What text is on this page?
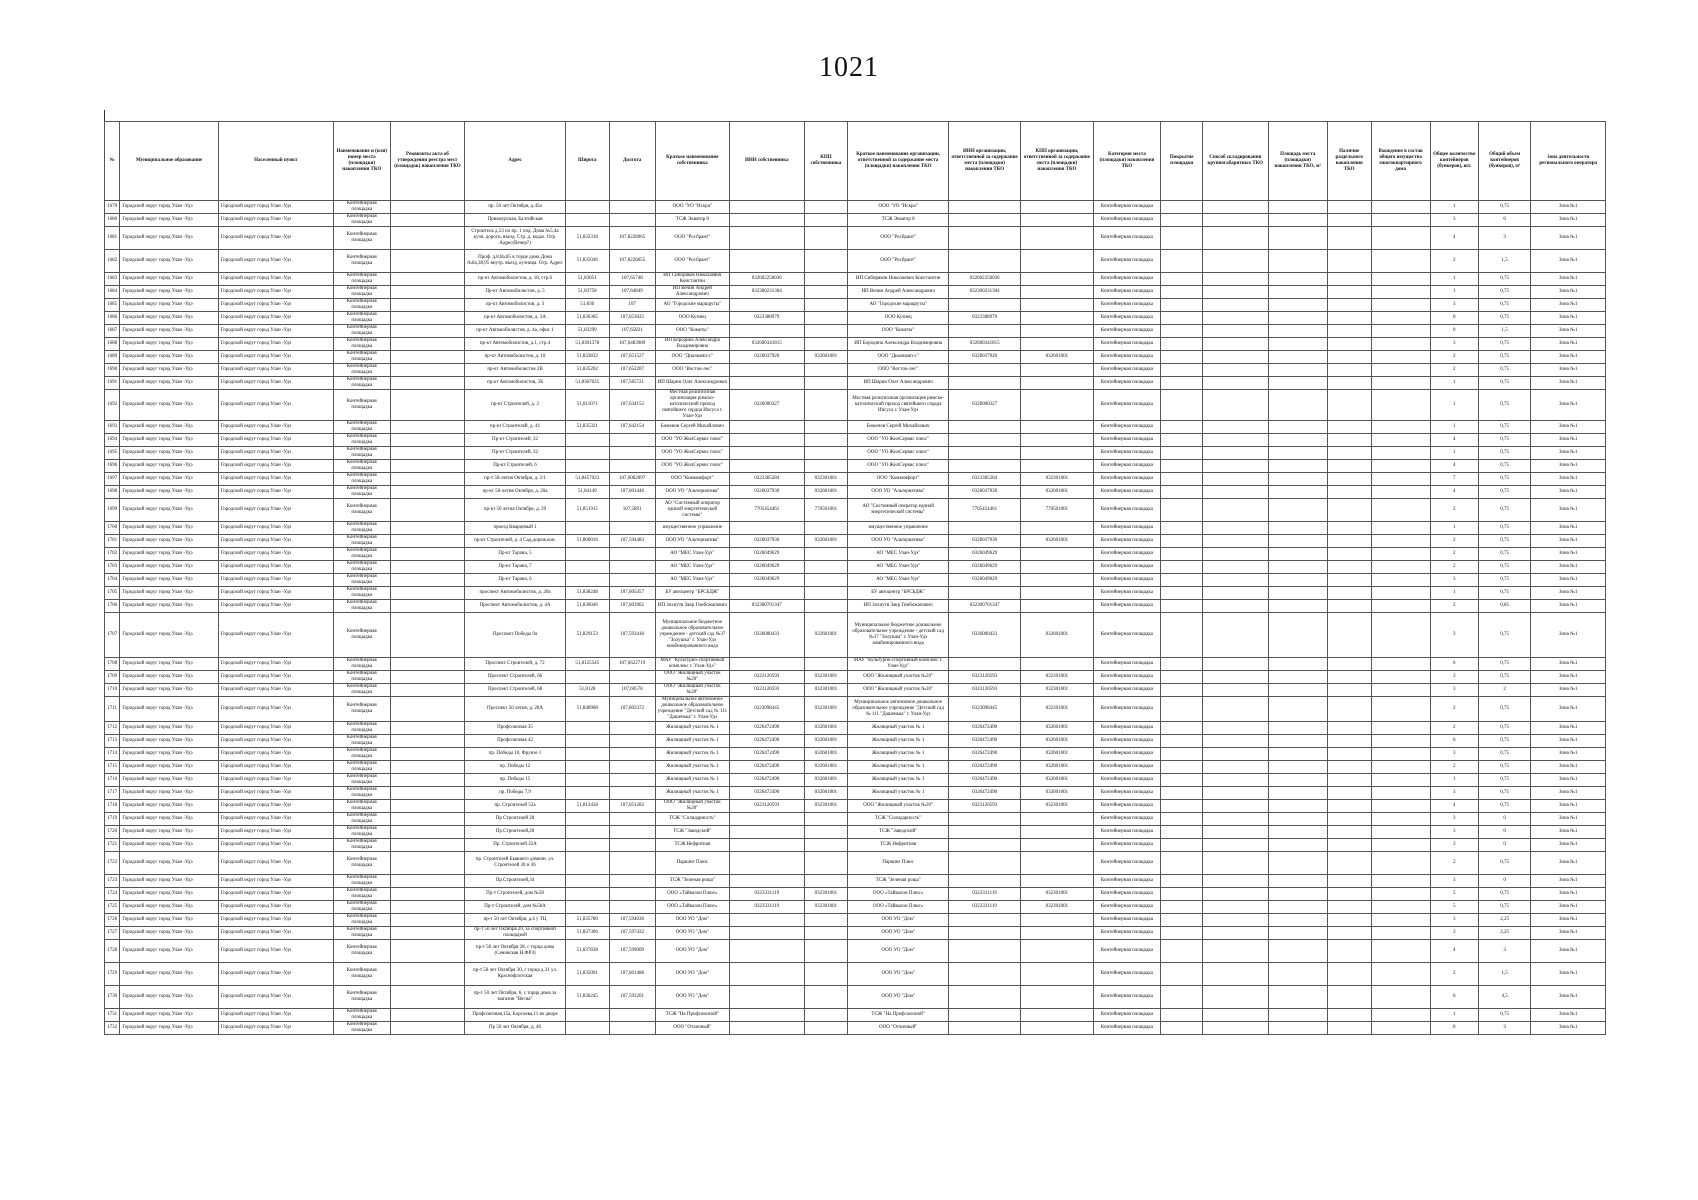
1021
№	Муниципальное образование	Населенный пункт	Наименование и (или) номер места (площадки) накопления ТКО	Реквизиты акта об утверждении реестра мест (площадок) накопления ТКО	Адрес	Широта	Долгота	Краткое наименование собственника	ИНН собственника	КПП собственника	Краткое наименование организации, ответственной за содержание места (площадки) накопления ТКО	ИНН организации, ответственной за содержание места (площадки) накопления ТКО	КПП организации, ответственной за содержание места (площадки) накопления ТКО	Категория места (площадки) накопления ТКО	Покрытие площадки	Способ складирования крупногабаритных ТКО	Площадь места (площадки) накопления ТКО, м²	Наличие раздельного накопления ТКО	Вхождение в состав общего имущества многоквартирного дома	Общее количество контейнеров (бункеров), шт.	Общий объем контейнеров (бункеров), м³	Зона деятельности регионального оператора
1679	Городской округ город Улан -Удэ	Городской округ город Улан -Удэ	Контейнерная площадка		пр. 50 лет Октября, д.45а			ООО "УО "Искра"			ООО "УО "Искра"			Контейнерная площадка						1	0,75	Зона №1
1680	Городской округ город Улан -Удэ	Городской округ город Улан -Удэ	Контейнерная площадка		Приамурская, Балтийская			ТСЖ Экватор 8			ТСЖ Экватор 8			Контейнерная площадка						3	0	Зона №1
1681	Городской округ город Улан -Удэ	Городской округ город Улан -Удэ	Контейнерная площадка		Строитель д.53 по пр. 1 под. Дома №5,4а кузн. дороги, въезд. Стр. д. кодах. Огр. Адрес(Вечер?)	51,832318	107,8228065	ООО "Росбрант"			ООО "Росбрант"			Контейнерная площадка						4	3	Зона №1
1682	Городской округ город Улан -Удэ	Городской округ город Улан -Удэ	Контейнерная площадка		Проф. д.8,8а,85 в торце дома Дома №8а,38,95 внутр. въезд, кузница. Огр. Адрес	51,835046	107,8226655	ООО "Росбрант"			ООО "Росбрант"			Контейнерная площадка						2	1,5	Зона №1
1683	Городской округ город Улан -Удэ	Городской округ город Улан -Удэ	Контейнерная площадка		пр-кт Автомобилистов, д. 18, стр.6	51,83051	107,65748	ИП Сибиряков Николаевич Константин	032602250036		ИП Сибиряков Николаевич Константин	032602250036		Контейнерная площадка						1	0,75	Зона №1
1684	Городской округ город Улан -Удэ	Городской округ город Улан -Удэ	Контейнерная площадка		Пр-кт Автомобилистов, д. 5	51,83758	107,64849	ИП Вечин Андрей Александрович	032300231304		ИП Вечин Андрей Александрович	032300231304		Контейнерная площадка						1	0,75	Зона №1
1685	Городской округ город Улан -Удэ	Городской округ город Улан -Удэ	Контейнерная площадка		пр-кт Автомобилистов, д. 3	51,836	107	АО "Городские маршруты"			АО "Городские маршруты"			Контейнерная площадка						3	0,75	Зона №1
1686	Городской округ город Улан -Удэ	Городской округ город Улан -Удэ	Контейнерная площадка		пр-кт Автомобилистов, д. 3А	51,836365	107,653025	ООО Кузнец	0323388979		ООО Кузнец	0323388979		Контейнерная площадка						0	0,75	Зона №1
1687	Городской округ город Улан -Удэ	Городской округ город Улан -Удэ	Контейнерная площадка		пр-кт Автомобилистов, д. 4а, офис 1	51,83299	107,65821	ООО "Кометы"			ООО "Кометы"			Контейнерная площадка						0	1,5	Зона №1
1688	Городской округ город Улан -Удэ	Городской округ город Улан -Удэ	Контейнерная площадка		пр-кт Автомобилистов, д.1, стр.4	51,8301378	107,6483989	ИП Бородина Александра Владимировна	032600341815		ИП Бородина Александра Владимировна	032600341815		Контейнерная площадка						3	0,75	Зона №1
1689	Городской округ город Улан -Удэ	Городской округ город Улан -Удэ	Контейнерная площадка		пр-кт Автомобилистов, д. 10	51,833832	107,651527	ООО "Диалкомп-с"	0326037920	032601001	ООО "Диалкомп-с"	0326037920	032601001	Контейнерная площадка						2	0,75	Зона №1
1690	Городской округ город Улан -Удэ	Городской округ город Улан -Удэ	Контейнерная площадка		пр-кт Автомобилистов 2В	51,835202	107,652207	ООО "Восток-лес"			ООО "Восток-лес"			Контейнерная площадка						2	0,75	Зона №1
1691	Городской округ город Улан -Удэ	Городской округ город Улан -Удэ	Контейнерная площадка		пр-кт Автомобилистов, 3Б	51,8307025	107,585721	ИП Шарин Олег Александрович			ИП Шарин Олег Александрович			Контейнерная площадка						1	0,75	Зона №1
1692	Городской округ город Улан -Удэ	Городской округ город Улан -Удэ	Контейнерная площадка		пр-кт Строителей, д. 3	51,811071	107,634152	Местная религиозная организация римско-католический приход святейшего сердца Иисуса г. Улан-Удэ	0326000327		Местная религиозная организация римско-католический приход святейшего сердца Иисуса г. Улан-Удэ	0326000327		Контейнерная площадка						1	0,75	Зона №1
1693	Городской округ город Улан -Удэ	Городской округ город Улан -Удэ	Контейнерная площадка		пр-кт Строителей, д. 41	51,835321	107,642154	Боженов Сергей Михайлович			Боженов Сергей Михайлович			Контейнерная площадка						1	0,75	Зона №1
1694	Городской округ город Улан -Удэ	Городской округ город Улан -Удэ	Контейнерная площадка		Пр-кт Строителей, 32			ООО "УО ЖилСервис плюс"			ООО "УО ЖилСервис плюс"			Контейнерная площадка						4	0,75	Зона №1
1695	Городской округ город Улан -Удэ	Городской округ город Улан -Удэ	Контейнерная площадка		Пр-кт Строителей, 32			ООО "УО ЖилСервис плюс"			ООО "УО ЖилСервис плюс"			Контейнерная площадка						1	0,75	Зона №1
1696	Городской округ город Улан -Удэ	Городской округ город Улан -Удэ	Контейнерная площадка		Пр-кт Строителей, 6			ООО "УО ЖилСервис плюс"			ООО "УО ЖилСервис плюс"			Контейнерная площадка						4	0,75	Зона №1
1697	Городской округ город Улан -Удэ	Городской округ город Улан -Удэ	Контейнерная площадка		пр-т 50-летия Октября, д. 2/1	51,8457023	107,6062097	ООО "Комкомфорт"	0323385284	032301001	ООО "Комкомфорт"	0323385284	032301001	Контейнерная площадка						7	0,75	Зона №1
1698	Городской округ город Улан -Удэ	Городской округ город Улан -Удэ	Контейнерная площадка		пр-кт 50-летия Октября, д. 20а	51,84149	107,601446	ООО УО "Альтернатива"	0326037930	032601001	ООО УО "Альтернатива"	0326037930	032601001	Контейнерная площадка						4	0,75	Зона №1
1699	Городской округ город Улан -Удэ	Городской округ город Улан -Удэ	Контейнерная площадка		пр-кт 50 летия Октября, д. 29	51,851915	107,5891	АО "Системный оператор единой энергетической системы"	7705454461	770501001	АО "Системный оператор единой энергетической системы"	7705454461	770501001	Контейнерная площадка						2	0,75	Зона №1
1700	Городской округ город Улан -Удэ	Городской округ город Улан -Удэ	Контейнерная площадка		проезд Кварцевый 1			имущественное управление			имущественное управление			Контейнерная площадка						1	0,75	Зона №1
1701	Городской округ город Улан -Удэ	Городской округ город Улан -Удэ	Контейнерная площадка		пр-кт Строителей, д. 4 Сад.дорож.кон.	51,800016	107,594483	ООО УО "Альтернатива"	0326037930	032601001	ООО УО "Альтернатива"	0326037930	032601001	Контейнерная площадка						2	0,75	Зона №1
1702	Городской округ город Улан -Удэ	Городской округ город Улан -Удэ	Контейнерная площадка		Пр-кт Тарана, 5			АО "МЕС Улан-Удэ"	0326049629		АО "МЕС Улан-Удэ"	0326049629		Контейнерная площадка						2	0,75	Зона №1
1703	Городской округ город Улан -Удэ	Городской округ город Улан -Удэ	Контейнерная площадка		Пр-кт Тарана, 7			АО "МЕС Улан-Удэ"	0326049629		АО "МЕС Улан-Удэ"	0326049629		Контейнерная площадка						2	0,75	Зона №1
1704	Городской округ город Улан -Удэ	Городской округ город Улан -Удэ	Контейнерная площадка		Пр-кт Тарана, 6			АО "МЕС Улан-Удэ"	0326049629		АО "МЕС Улан-Удэ"	0326049629		Контейнерная площадка						3	0,75	Зона №1
1705	Городской округ город Улан -Удэ	Городской округ город Улан -Удэ	Контейнерная площадка		проспект Автомобилистов, д. 20а	51,838248	107,605457	БУ автоцентр "БРСБДЖ"			БУ автоцентр "БРСБДЖ"			Контейнерная площадка						1	0,75	Зона №1
1706	Городской округ город Улан -Удэ	Городской округ город Улан -Удэ	Контейнерная площадка		Проспект Автомобилистов, д. 4А	51,836046	107,603962	ИП Зохиутв Закр Гомбожапович	032300701347		ИП Зохиутв Закр Гомбожапович	032300701347		Контейнерная площадка						2	0,85	Зона №1
1707	Городской округ город Улан -Удэ	Городской округ город Улан -Удэ	Контейнерная площадка		Проспект Победы 9а	51,829153	107,593418	Муниципальное бюджетное дошкольное образовательное учреждение - детский сад №37 "Золушка" г. Улан-Удэ комбинированного вида	0326000433	032601001	Муниципальное бюджетное дошкольное образовательное учреждение - детский сад №37 "Золушка" г. Улан-Удэ комбинированного вида	0326000433	032601001	Контейнерная площадка						3	0,75	Зона №1
1708	Городской округ город Улан -Удэ	Городской округ город Улан -Удэ	Контейнерная площадка		Проспект Строителей, д. 72	51,8125545	107,6622719	МАУ "Культурно-спортивный комплекс г. Улан-Удэ"			МАУ "Культурно-спортивный комплекс г. Улан-Удэ"			Контейнерная площадка						6	0,75	Зона №1
1709	Городской округ город Улан -Удэ	Городской округ город Улан -Удэ	Контейнерная площадка		Проспект Строителей, 66			ООО "Жилищный участок №20"	0323120593	032301001	ООО "Жилищный участок №20"	0323120593	032301001	Контейнерная площадка						3	0,75	Зона №1
1710	Городской округ город Улан -Удэ	Городской округ город Улан -Удэ	Контейнерная площадка		Проспект Строителей, 68	51,8128	107,60578	ООО "Жилищный участок №20"	0323120593	032301001	ООО "Жилищный участок №20"	0323120593	032301001	Контейнерная площадка						3	2	Зона №1
1711	Городской округ город Улан -Удэ	Городской округ город Улан -Удэ	Контейнерная площадка		Проспект 50 летия, д. 28А	51,840968	107,603372	Муниципальное автономное дошкольное образовательное учреждение "Детский сад № 111 "Дашенька" г. Улан-Удэ	0323098445	032301001	Муниципальное автономное дошкольное образовательное учреждение "Детский сад № 111 "Дашенька" г. Улан-Удэ	0323098445	032301001	Контейнерная площадка						2	0,75	Зона №1
1712	Городской округ город Улан -Удэ	Городской округ город Улан -Удэ	Контейнерная площадка		Профсоюзная 35			Жилищный участок № 1	0326472490	032601001	Жилищный участок № 1	0326472490	032601001	Контейнерная площадка						2	0,75	Зона №1
1713	Городской округ город Улан -Удэ	Городской округ город Улан -Удэ	Контейнерная площадка		Профсоюзная 42			Жилищный участок № 1	0326472490	032601001	Жилищный участок № 1	0326472490	032601001	Контейнерная площадка						6	0,75	Зона №1
1714	Городской округ город Улан -Удэ	Городской округ город Улан -Удэ	Контейнерная площадка		пр. Победы 10, Фрунзе 1			Жилищный участок № 1	0326472490	032601001	Жилищный участок № 1	0326472490	032601001	Контейнерная площадка						3	0,75	Зона №1
1715	Городской округ город Улан -Удэ	Городской округ город Улан -Удэ	Контейнерная площадка		пр. Победы 12			Жилищный участок № 1	0326472490	032601001	Жилищный участок № 1	0326472490	032601001	Контейнерная площадка						2	0,75	Зона №1
1716	Городской округ город Улан -Удэ	Городской округ город Улан -Удэ	Контейнерная площадка		пр. Победы 15			Жилищный участок № 1	0326472490	032601001	Жилищный участок № 1	0326472490	032601001	Контейнерная площадка						1	0,75	Зона №1
1717	Городской округ город Улан -Удэ	Городской округ город Улан -Удэ	Контейнерная площадка		пр. Победы 7,9			Жилищный участок № 1	0326472490	032601001	Жилищный участок № 1	0326472490	032601001	Контейнерная площадка						3	0,75	Зона №1
1718	Городской округ город Улан -Удэ	Городской округ город Улан -Удэ	Контейнерная площадка		пр. Строителей 52а	51,813458	107,651282	ООО "Жилищный участок №20"	0323120593	032301001	ООО "Жилищный участок №20"	0323120593	032301001	Контейнерная площадка						4	0,75	Зона №1
1719	Городской округ город Улан -Удэ	Городской округ город Улан -Удэ	Контейнерная площадка		Пр Строителей 20			ТСЖ "Солидарность"			ТСЖ "Солидарность"			Контейнерная площадка						3	0	Зона №1
1720	Городской округ город Улан -Удэ	Городской округ город Улан -Удэ	Контейнерная площадка		Пр.Строителей,28			ТСЖ "Заводский"			ТСЖ "Заводский"			Контейнерная площадка						3	0	Зона №1
1721	Городской округ город Улан -Удэ	Городской округ город Улан -Удэ	Контейнерная площадка		Пр. Строителей 32А			ТСЖ Нефритная			ТСЖ Нефритная			Контейнерная площадка						3	0	Зона №1
1722	Городской округ город Улан -Удэ	Городской округ город Улан -Удэ	Контейнерная площадка		пр. Строителей Бывшего доменн. ул. Строителей 30 и 36			Паркинг Плюс			Паркинг Плюс			Контейнерная площадка						2	0,75	Зона №1
1723	Городской округ город Улан -Удэ	Городской округ город Улан -Удэ	Контейнерная площадка		Пр.Строителей,34			ТСЖ "Зеленая роща"			ТСЖ "Зеленая роща"			Контейнерная площадка						3	0	Зона №1
1724	Городской округ город Улан -Удэ	Городской округ город Улан -Удэ	Контейнерная площадка		Пр-т Строителей, дом №58			ООО «Тайвалон Плюс»	0323331119	032301001	ООО «Тайвалон Плюс»	0323331119	032301001	Контейнерная площадка						5	0,75	Зона №1
1725	Городской округ город Улан -Удэ	Городской округ город Улан -Удэ	Контейнерная площадка		Пр-т Строителей, дом №58А			ООО «Тайвалон Плюс»	0323331119	032301001	ООО «Тайвалон Плюс»	0323331119	032301001	Контейнерная площадка						5	0,75	Зона №1
1726	Городской округ город Улан -Удэ	Городской округ город Улан -Удэ	Контейнерная площадка		пр-т 50 лет Октября, д.4 у ТЦ	51,835780	107,594036	ООО УО "Дом"			ООО УО "Дом"			Контейнерная площадка						3	2,25	Зона №1
1727	Городской округ город Улан -Удэ	Городской округ город Улан -Удэ	Контейнерная площадка		пр-т 50 лет Октября 20, за спортивной площадкой	51,837306	107,597432	ООО УО "Дом"			ООО УО "Дом"			Контейнерная площадка						3	2,25	Зона №1
1728	Городской округ город Улан -Удэ	Городской округ город Улан -Удэ	Контейнерная площадка		пр-т 50 лет Октября 28, с торца дома (Сеновская Н.ФРЗ)	51,837838	107,599009	ООО УО "Дом"			ООО УО "Дом"			Контейнерная площадка						4	3	Зона №1
1729	Городской округ город Улан -Удэ	Городской округ город Улан -Удэ	Контейнерная площадка		пр-т 50 лет Октября 30, с торца д.31 ул. Краснофлотская	51,835091	107,601488	ООО УО "Дом"			ООО УО "Дом"			Контейнерная площадка						2	1,5	Зона №1
1730	Городской округ город Улан -Удэ	Городской округ город Улан -Удэ	Контейнерная площадка		пр-т 50 лет Октября, 6, с торца дома за магазин "Весна"	51,836245	107,593201	ООО УО "Дом"			ООО УО "Дом"			Контейнерная площадка						6	4,5	Зона №1
1731	Городской округ город Улан -Удэ	Городской округ город Улан -Удэ	Контейнерная площадка		Профсоюзная,15а, Борсоева,11 во дворе			ТСЖ "На Профсоюзной"			ТСЖ "На Профсоюзной"			Контейнерная площадка						1	0,75	Зона №1
1732	Городской округ город Улан -Удэ	Городской округ город Улан -Удэ	Контейнерная площадка		Пр 50 лет Октября, д. 46			ООО "Отличный"			ООО "Отличный"			Контейнерная площадка						0	3	Зона №1
